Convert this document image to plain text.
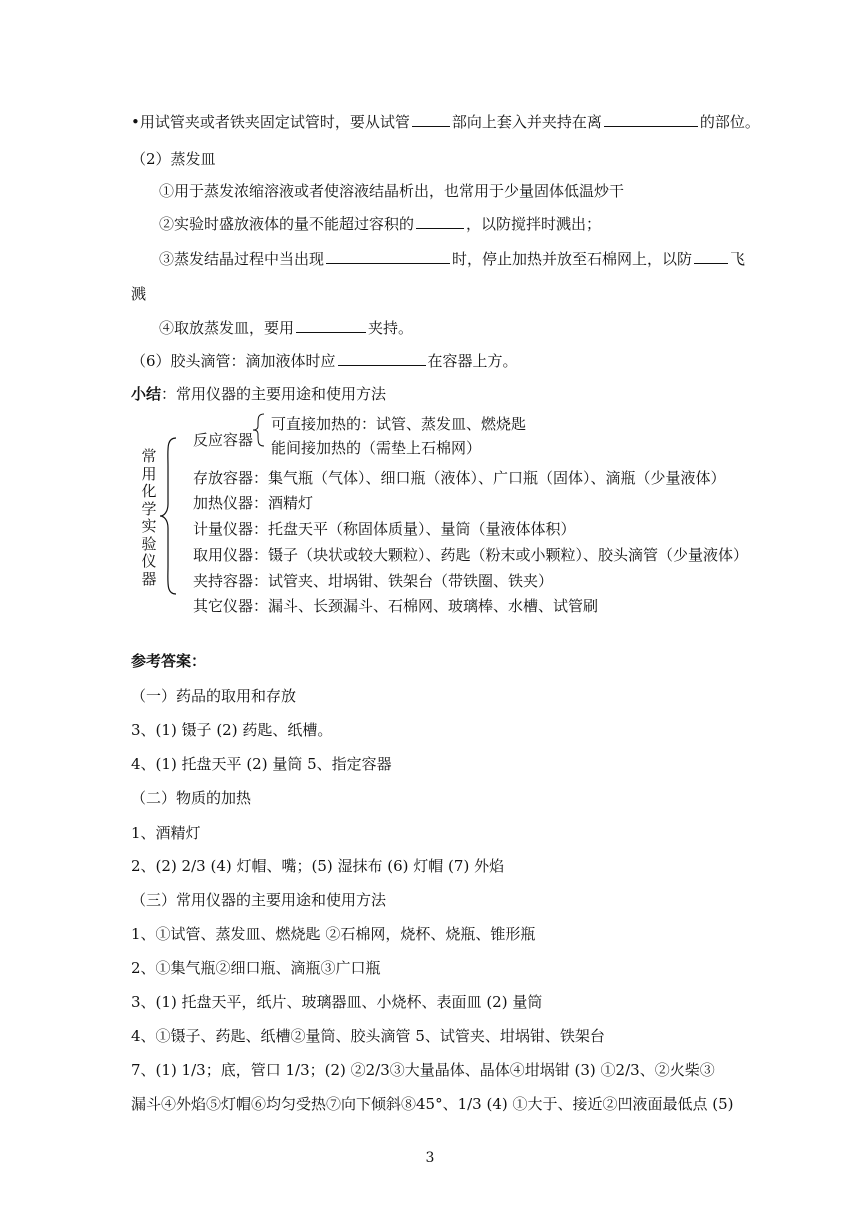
•用试管夹或者铁夹固定试管时，要从试管	部向上套入并夹持在离	的部位。
（2）蒸发皿
①用于蒸发浓缩溶液或者使溶液结晶析出，也常用于少量固体低温炒干
②实验时盛放液体的量不能超过容积的	，以防搅拌时溅出；
③蒸发结晶过程中当出现	时，停止加热并放至石棉网上，以防	飞
溅
④取放蒸发皿，要用	夹持。
（6）胶头滴管：滴加液体时应	在容器上方。
小结：常用仪器的主要用途和使用方法
常用化学实验仪器
反应容器
可直接加热的：试管、蒸发皿、燃烧匙
能间接加热的（需垫上石棉网）
存放容器：集气瓶（气体）、细口瓶（液体）、广口瓶（固体）、滴瓶（少量液体）
加热仪器：酒精灯
计量仪器：托盘天平（称固体质量）、量筒（量液体体积）
取用仪器：镊子（块状或较大颗粒）、药匙（粉末或小颗粒）、胶头滴管（少量液体）
夹持容器：试管夹、坩埚钳、铁架台（带铁圈、铁夹）
其它仪器：漏斗、长颈漏斗、石棉网、玻璃棒、水槽、试管刷
参考答案：
（一）药品的取用和存放
3、(1) 镊子 (2) 药匙、纸槽。
4、(1) 托盘天平 (2) 量筒 5、指定容器
（二）物质的加热
1、酒精灯
2、(2) 2/3 (4) 灯帽、嘴；(5) 湿抹布 (6) 灯帽 (7) 外焰
（三）常用仪器的主要用途和使用方法
1、①试管、蒸发皿、燃烧匙 ②石棉网，烧杯、烧瓶、锥形瓶
2、①集气瓶②细口瓶、滴瓶③广口瓶
3、(1) 托盘天平，纸片、玻璃器皿、小烧杯、表面皿 (2) 量筒
4、①镊子、药匙、纸槽②量筒、胶头滴管 5、试管夹、坩埚钳、铁架台
7、(1) 1/3；底，管口 1/3；(2) ②2/3③大量晶体、晶体④坩埚钳 (3) ①2/3、②火柴③
漏斗④外焰⑤灯帽⑥均匀受热⑦向下倾斜⑧45°、1/3 (4) ①大于、接近②凹液面最低点 (5)
3
